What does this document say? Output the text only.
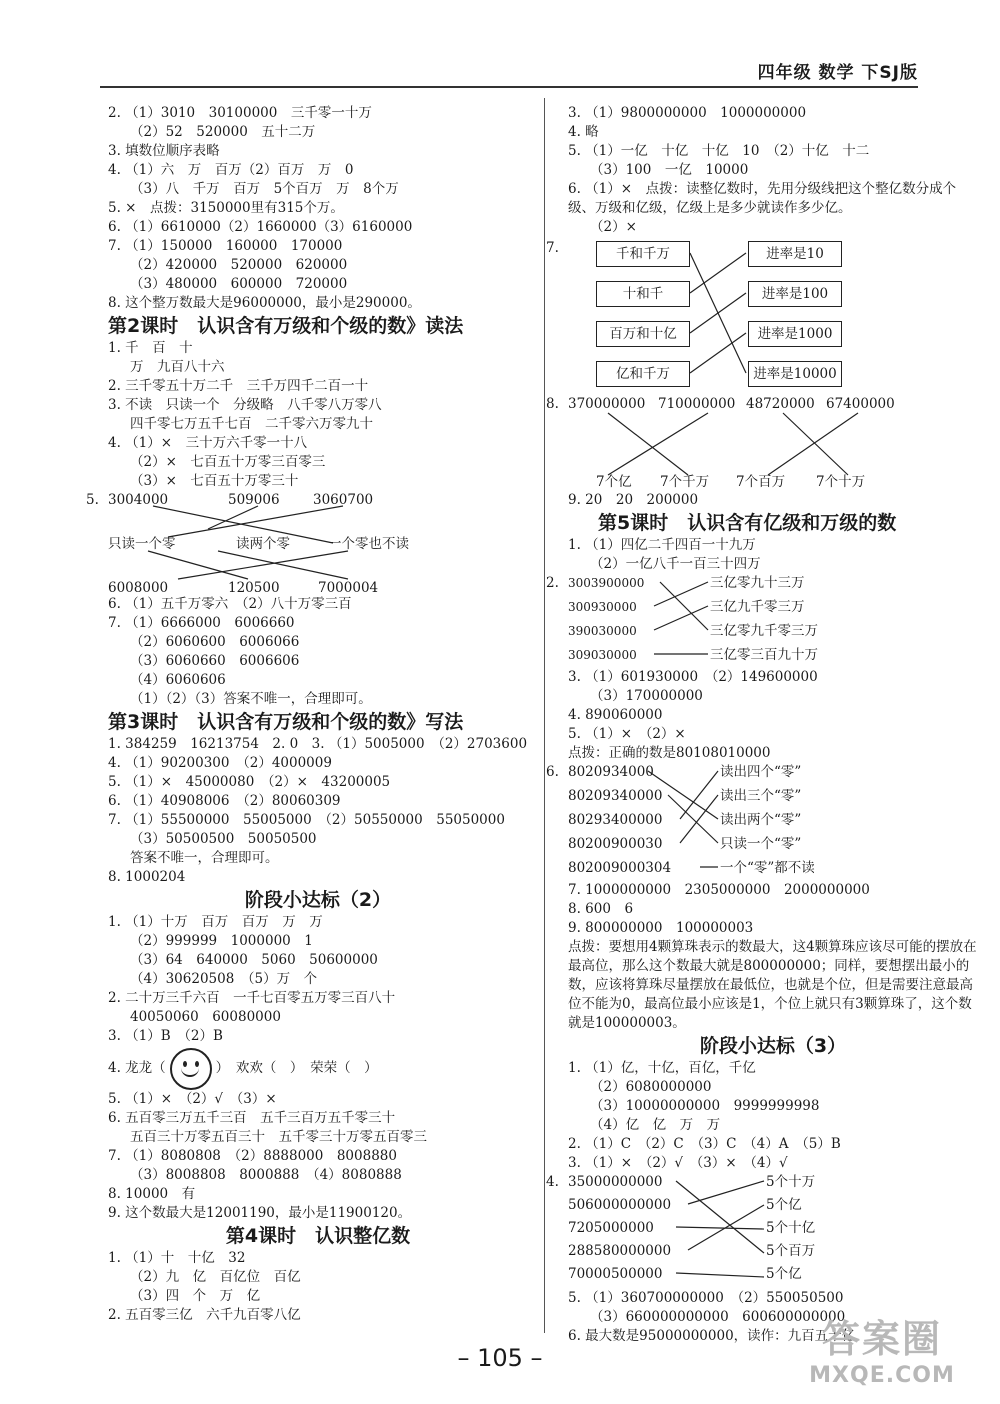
四年级 数学 下SJ版
2. （1）3010　30100000　三千零一十万
（2）52　520000　五十二万
3. 填数位顺序表略
4. （1）六　万　百万（2）百万　万　0
（3）八　千万　百万　5个百万　万　8个万
5. ×　点拨：3150000里有315个万。
6. （1）6610000（2）1660000（3）6160000
7. （1）150000　160000　170000
（2）420000　520000　620000
（3）480000　600000　720000
8. 这个整万数最大是96000000，最小是290000。
第2课时　认识含有万级和个级的数》读法
1. 千　百　十
万　九百八十六
2. 三千零五十万二千　三千万四千二百一十
3. 不读　只读一个　分级略　八千零八万零八
四千零七万五千七百　二千零六万零九十
4. （1）×　三十万六千零一十八
（2）×　七百五十万零三百零三
（3）×　七百五十万零三十
5. 3004000	509006 3060700
只读一个零	读两个零	一个零也不读
6008000	120500	7000004
6. （1）五千万零六　（2）八十万零三百
7. （1）6666000　6006660
（2）6060600　6006066
（3）6060660　6006606
（4）6060606
（1）（2）（3）答案不唯一，合理即可。
第3课时　认识含有万级和个级的数》写法
1. 384259　16213754　2. 0　3. （1）5005000　（2）2703600
4. （1）90200300　（2）4000009
5. （1）×　45000080　（2）×　43200005
6. （1）40908006　（2）80060309
7. （1）55500000　55005000　（2）50550000　55050000
（3）50500500　50050500
答案不唯一，合理即可。
8. 1000204
阶段小达标（2）
1. （1）十万　百万　百万　万　万
（2）999999　1000000　1
（3）64　640000　5060　50600000
（4）30620508　（5）万　个
2. 二十万三千六百　一千七百零五万零三百八十
40050060　60080000
3. （1）B　（2）B
4. 龙龙（	）　欢欢（　）　荣荣（　）
5. （1）×　（2）√　（3）×
6. 五百零三万五千三百　五千三百万五千零三十
五百三十万零五百三十　五千零三十万零五百零三
7. （1）8080808　（2）8888000　8008880
（3）8008808　8000888　（4）8080888
8. 10000　有
9. 这个数最大是12001190，最小是11900120。
第4课时　认识整亿数
1. （1）十　十亿　32
（2）九　亿　百亿位　百亿
（3）四　个　万　亿
2. 五百零三亿　六千九百零八亿
3. （1）9800000000　1000000000
4. 略
5. （1）一亿　十亿　十亿　10　（2）十亿　十二
（3）100　一亿　10000
6. （1）×　点拨：读整亿数时，先用分级线把这个整亿数分成个级、万级和亿级，亿级上是多少就读作多少亿。
（2）×
7.	千和千万
十和千
百万和十亿
亿和千万
进率是10
进率是100
进率是1000
进率是10000
8. 370000000 710000000 48720000 67400000
7个亿 7个千万 7个百万 7个十万
9. 20　20　200000
第5课时　认识含有亿级和万级的数
1. （1）四亿二千四百一十九万
（2）一亿八千一百三十四万
2. 3003900000
300930000
390030000
309030000
三亿零九十三万
三亿九千零三万
三亿零九千零三万
三亿零三百九十万
3. （1）601930000　（2）149600000
（3）170000000
4. 890060000
5. （1）×　（2）×
点拨：正确的数是80108010000
6. 8020934000
80209340000
80293400000
80200900030
802009000304
读出四个“零”
读出三个“零”
读出两个“零”
只读一个“零”
一个“零”都不读
7. 1000000000　2305000000　2000000000
8. 600　6
9. 800000000　100000003
点拨：要想用4颗算珠表示的数最大，这4颗算珠应该尽可能的摆放在最高位，那么这个数最大就是800000000；同样，要想摆出最小的数，应该将算珠尽量摆放在最低位，也就是个位，但是需要注意最高位不能为0，最高位最小应该是1，个位上就只有3颗算珠了，这个数就是100000003。
阶段小达标（3）
1. （1）亿，十亿，百亿，千亿
（2）6080000000
（3）10000000000　9999999998
（4）亿　亿　万　万
2. （1）C　（2）C　（3）C　（4）A　（5）B
3. （1）×　（2）√　（3）×　（4）√
4. 35000000000
506000000000
7205000000
288580000000
70000500000
5个十万
5个亿
5个十亿
5个百万
5个亿
5. （1）360700000000　（2）550050500
（3）660000000000　600600000000
6. 最大数是95000000000，读作：九百五十亿
– 105 –	答案圈
MXQE.COM
